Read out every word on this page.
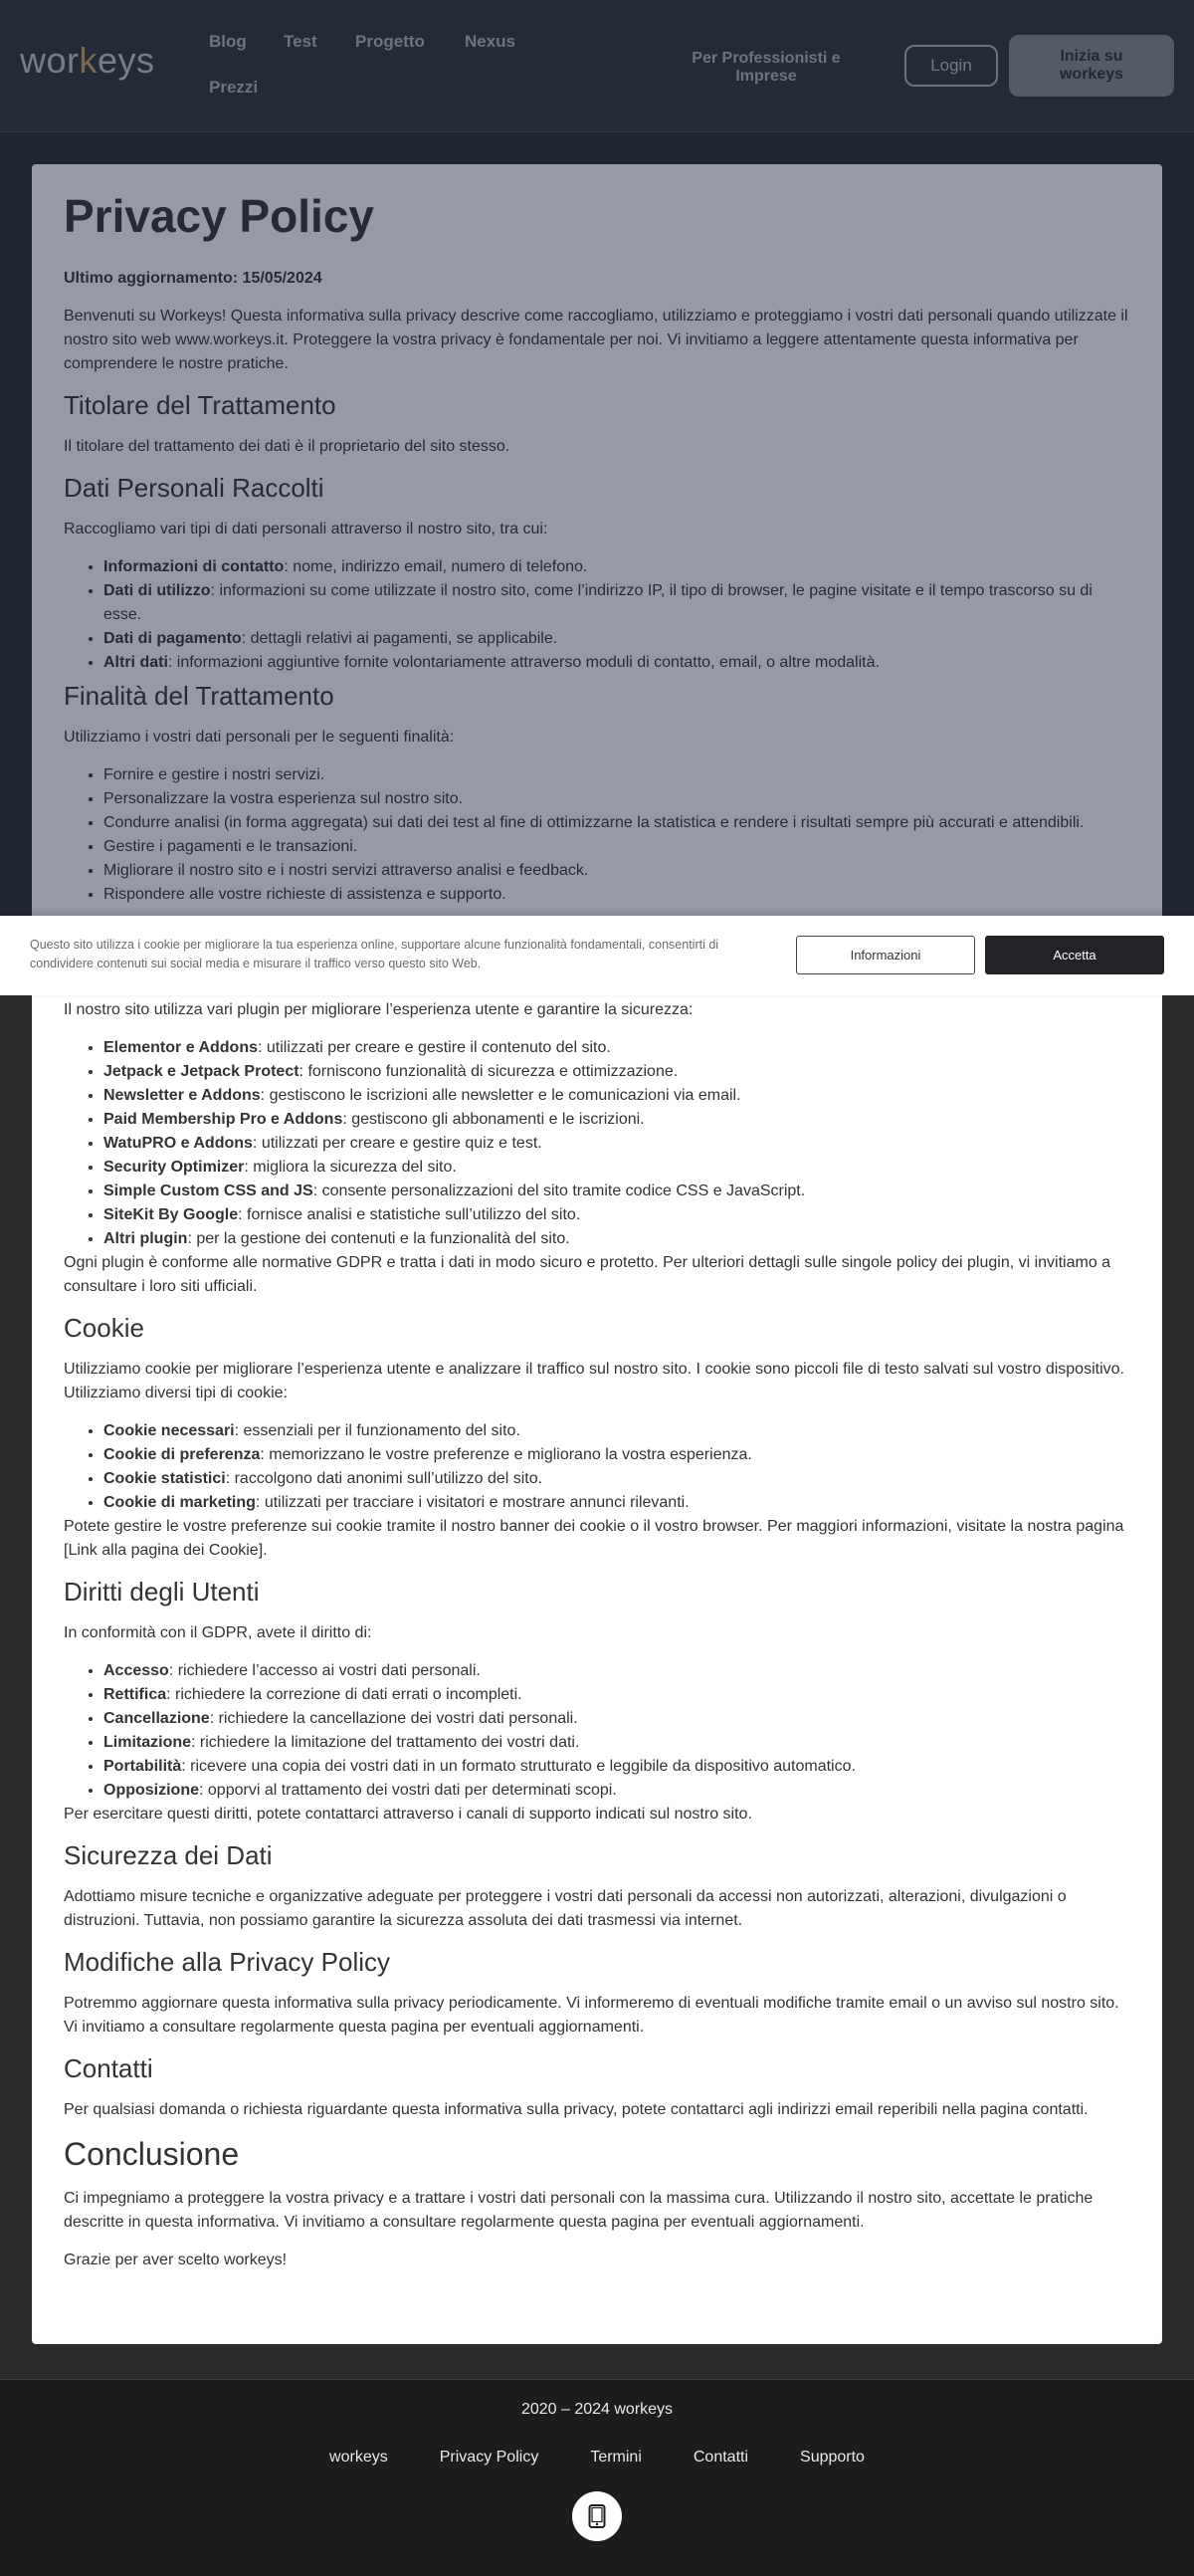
workeys	Blog Test Progetto Nexus
Prezzi
Per Professionisti e Imprese
Login	Inizia su workeys
Privacy Policy

Ultimo aggiornamento: 15/05/2024

Benvenuti su Workeys! Questa informativa sulla privacy descrive come raccogliamo, utilizziamo e proteggiamo i vostri dati personali quando utilizzate il nostro sito web www.workeys.it. Proteggere la vostra privacy è fondamentale per noi. Vi invitiamo a leggere attentamente questa informativa per comprendere le nostre pratiche.

Titolare del Trattamento

Il titolare del trattamento dei dati è il proprietario del sito stesso.

Dati Personali Raccolti

Raccogliamo vari tipi di dati personali attraverso il nostro sito, tra cui:

• Informazioni di contatto: nome, indirizzo email, numero di telefono.
• Dati di utilizzo: informazioni su come utilizzate il nostro sito, come l’indirizzo IP, il tipo di browser, le pagine visitate e il tempo trascorso su di esse.
• Dati di pagamento: dettagli relativi ai pagamenti, se applicabile.
• Altri dati: informazioni aggiuntive fornite volontariamente attraverso moduli di contatto, email, o altre modalità.
Finalità del Trattamento

Utilizziamo i vostri dati personali per le seguenti finalità:

• Fornire e gestire i nostri servizi.
• Personalizzare la vostra esperienza sul nostro sito.
• Condurre analisi (in forma aggregata) sui dati dei test al fine di ottimizzarne la statistica e rendere i risultati sempre più accurati e attendibili.
• Gestire i pagamenti e le transazioni.
• Migliorare il nostro sito e i nostri servizi attraverso analisi e feedback.
• Rispondere alle vostre richieste di assistenza e supporto.

Il nostro sito utilizza vari plugin per migliorare l’esperienza utente e garantire la sicurezza:

• Elementor e Addons: utilizzati per creare e gestire il contenuto del sito.
• Jetpack e Jetpack Protect: forniscono funzionalità di sicurezza e ottimizzazione.
• Newsletter e Addons: gestiscono le iscrizioni alle newsletter e le comunicazioni via email.
• Paid Membership Pro e Addons: gestiscono gli abbonamenti e le iscrizioni.
• WatuPRO e Addons: utilizzati per creare e gestire quiz e test.
• Security Optimizer: migliora la sicurezza del sito.
• Simple Custom CSS and JS: consente personalizzazioni del sito tramite codice CSS e JavaScript.
• SiteKit By Google: fornisce analisi e statistiche sull’utilizzo del sito.
• Altri plugin: per la gestione dei contenuti e la funzionalità del sito.

Ogni plugin è conforme alle normative GDPR e tratta i dati in modo sicuro e protetto. Per ulteriori dettagli sulle singole policy dei plugin, vi invitiamo a consultare i loro siti ufficiali.

Cookie

Utilizziamo cookie per migliorare l’esperienza utente e analizzare il traffico sul nostro sito. I cookie sono piccoli file di testo salvati sul vostro dispositivo. Utilizziamo diversi tipi di cookie:

• Cookie necessari: essenziali per il funzionamento del sito.
• Cookie di preferenza: memorizzano le vostre preferenze e migliorano la vostra esperienza.
• Cookie statistici: raccolgono dati anonimi sull’utilizzo del sito.
• Cookie di marketing: utilizzati per tracciare i visitatori e mostrare annunci rilevanti.

Potete gestire le vostre preferenze sui cookie tramite il nostro banner dei cookie o il vostro browser. Per maggiori informazioni, visitate la nostra pagina [Link alla pagina dei Cookie].

Diritti degli Utenti

In conformità con il GDPR, avete il diritto di:

• Accesso: richiedere l’accesso ai vostri dati personali.
• Rettifica: richiedere la correzione di dati errati o incompleti.
• Cancellazione: richiedere la cancellazione dei vostri dati personali.
• Limitazione: richiedere la limitazione del trattamento dei vostri dati.
• Portabilità: ricevere una copia dei vostri dati in un formato strutturato e leggibile da dispositivo automatico.
• Opposizione: opporvi al trattamento dei vostri dati per determinati scopi.

Per esercitare questi diritti, potete contattarci attraverso i canali di supporto indicati sul nostro sito.

Sicurezza dei Dati

Adottiamo misure tecniche e organizzative adeguate per proteggere i vostri dati personali da accessi non autorizzati, alterazioni, divulgazioni o distruzioni. Tuttavia, non possiamo garantire la sicurezza assoluta dei dati trasmessi via internet.

Modifiche alla Privacy Policy

Potremmo aggiornare questa informativa sulla privacy periodicamente. Vi informeremo di eventuali modifiche tramite email o un avviso sul nostro sito. Vi invitiamo a consultare regolarmente questa pagina per eventuali aggiornamenti.

Contatti

Per qualsiasi domanda o richiesta riguardante questa informativa sulla privacy, potete contattarci agli indirizzi email reperibili nella pagina contatti.

Conclusione

Ci impegniamo a proteggere la vostra privacy e a trattare i vostri dati personali con la massima cura. Utilizzando il nostro sito, accettate le pratiche descritte in questa informativa. Vi invitiamo a consultare regolarmente questa pagina per eventuali aggiornamenti.

Grazie per aver scelto workeys!

Questo sito utilizza i cookie per migliorare la tua esperienza online, supportare alcune funzionalità fondamentali, consentirti di condividere contenuti sui social media e misurare il traffico verso questo sito Web.
Informazioni	Accetta
2020 – 2024 workeys
workeys	Privacy Policy	Termini	Contatti	Supporto
